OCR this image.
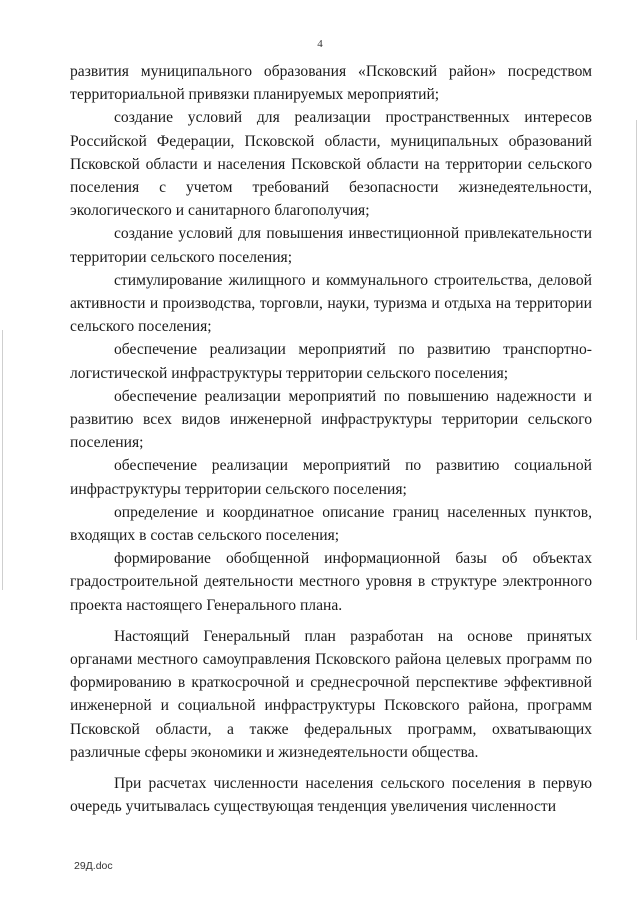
4

развития муниципального образования «Псковский район» посредством территориальной привязки планируемых мероприятий;

создание условий для реализации пространственных интересов Российской Федерации, Псковской области, муниципальных образований Псковской области и населения Псковской области на территории сельского поселения с учетом требований безопасности жизнедеятельности, экологического и санитарного благополучия;

создание условий для повышения инвестиционной привлекательности территории сельского поселения;

стимулирование жилищного и коммунального строительства, деловой активности и производства, торговли, науки, туризма и отдыха на территории сельского поселения;

обеспечение реализации мероприятий по развитию транспортно-логистической инфраструктуры территории сельского поселения;

обеспечение реализации мероприятий по повышению надежности и развитию всех видов инженерной инфраструктуры территории сельского поселения;

обеспечение реализации мероприятий по развитию социальной инфраструктуры территории сельского поселения;

определение и координатное описание границ населенных пунктов, входящих в состав сельского поселения;

формирование обобщенной информационной базы об объектах градостроительной деятельности местного уровня в структуре электронного проекта настоящего Генерального плана.

Настоящий Генеральный план разработан на основе принятых органами местного самоуправления Псковского района целевых программ по формированию в краткосрочной и среднесрочной перспективе эффективной инженерной и социальной инфраструктуры Псковского района, программ Псковской области, а также федеральных программ, охватывающих различные сферы экономики и жизнедеятельности общества.

При расчетах численности населения сельского поселения в первую очередь учитывалась существующая тенденция увеличения численности

29Д.doc
